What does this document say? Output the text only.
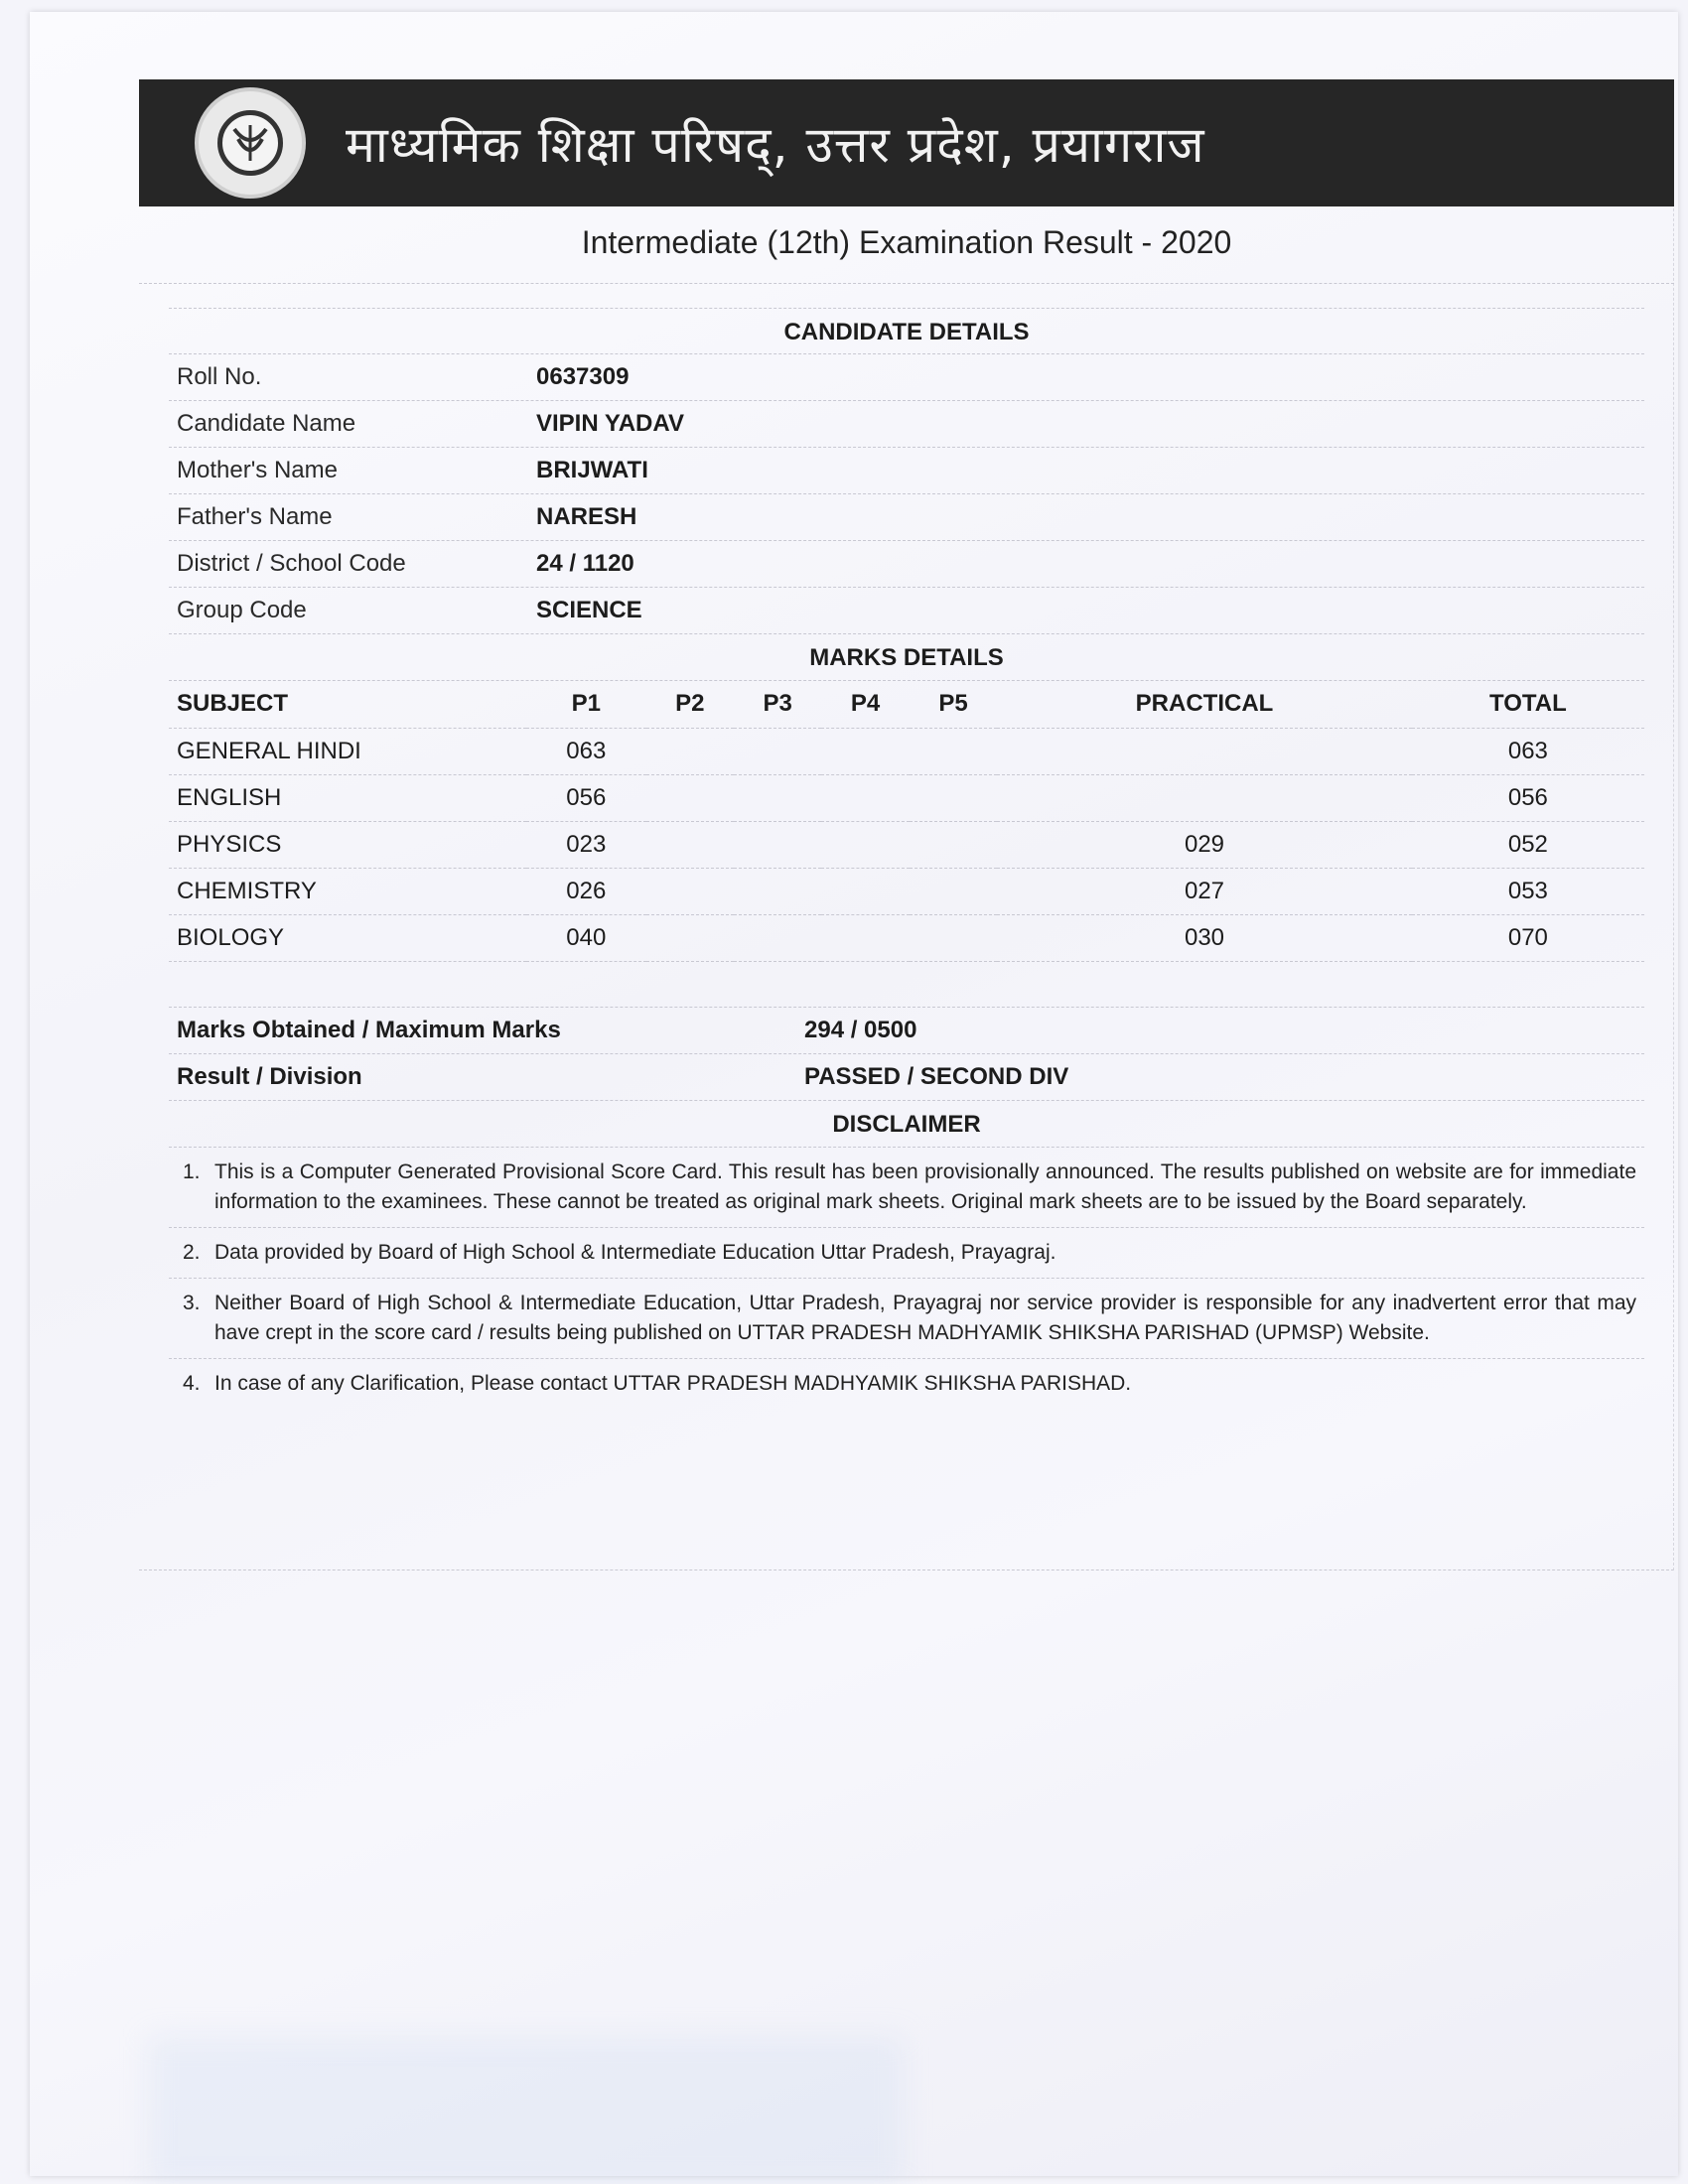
माध्यमिक शिक्षा परिषद्, उत्तर प्रदेश, प्रयागराज
Intermediate (12th) Examination Result - 2020
CANDIDATE DETAILS
Roll No.	0637309
Candidate Name	VIPIN YADAV
Mother's Name	BRIJWATI
Father's Name	NARESH
District / School Code	24 / 1120
Group Code	SCIENCE
MARKS DETAILS
SUBJECT	P1	P2	P3	P4	P5	PRACTICAL	TOTAL
GENERAL HINDI	063						063
ENGLISH	056						056
PHYSICS	023					029	052
CHEMISTRY	026					027	053
BIOLOGY	040					030	070
Marks Obtained / Maximum Marks	294 / 0500
Result / Division	PASSED / SECOND DIV
DISCLAIMER
1. This is a Computer Generated Provisional Score Card. This result has been provisionally announced. The results published on website are for immediate information to the examinees. These cannot be treated as original mark sheets. Original mark sheets are to be issued by the Board separately.
2. Data provided by Board of High School & Intermediate Education Uttar Pradesh, Prayagraj.
3. Neither Board of High School & Intermediate Education, Uttar Pradesh, Prayagraj nor service provider is responsible for any inadvertent error that may have crept in the score card / results being published on UTTAR PRADESH MADHYAMIK SHIKSHA PARISHAD (UPMSP) Website.
4. In case of any Clarification, Please contact UTTAR PRADESH MADHYAMIK SHIKSHA PARISHAD.
